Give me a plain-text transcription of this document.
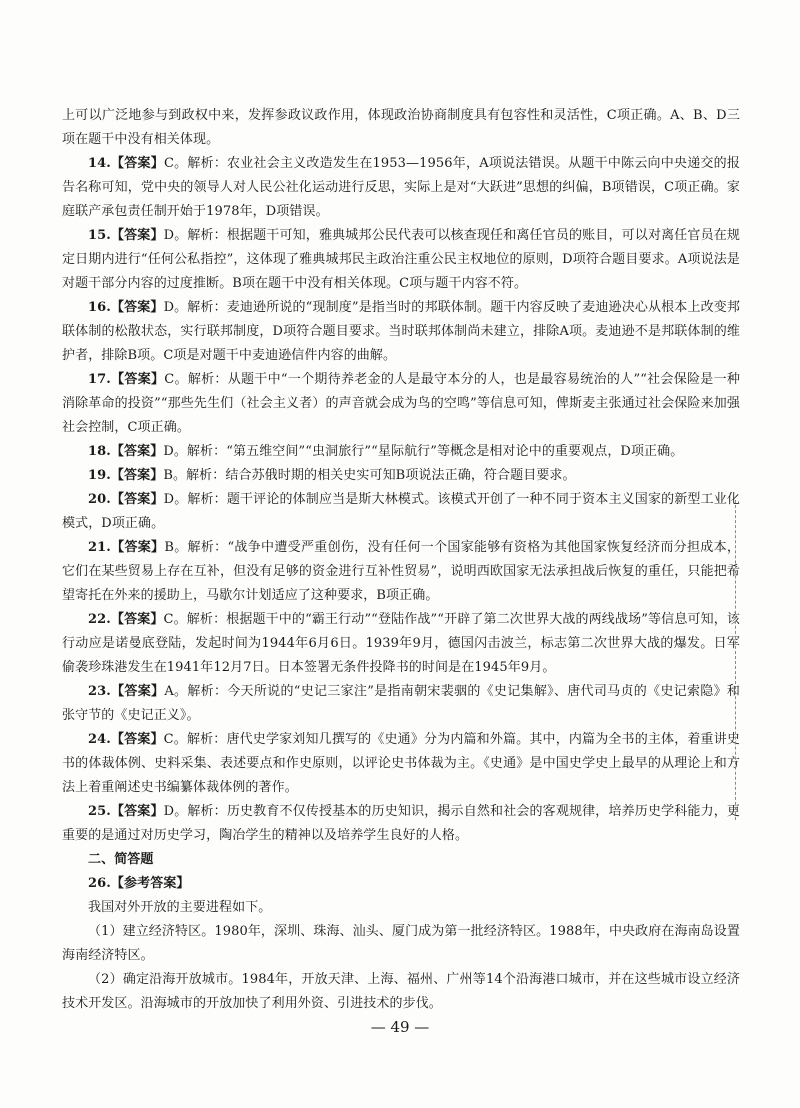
上可以广泛地参与到政权中来，发挥参政议政作用，体现政治协商制度具有包容性和灵活性，C项正确。A、B、D三项在题干中没有相关体现。

14.【答案】C。解析：农业社会主义改造发生在1953—1956年，A项说法错误。从题干中陈云向中央递交的报告名称可知，党中央的领导人对人民公社化运动进行反思，实际上是对“大跃进”思想的纠偏，B项错误，C项正确。家庭联产承包责任制开始于1978年，D项错误。

15.【答案】D。解析：根据题干可知，雅典城邦公民代表可以核查现任和离任官员的账目，可以对离任官员在规定日期内进行“任何公私指控”，这体现了雅典城邦民主政治注重公民主权地位的原则，D项符合题目要求。A项说法是对题干部分内容的过度推断。B项在题干中没有相关体现。C项与题干内容不符。

16.【答案】D。解析：麦迪逊所说的“现制度”是指当时的邦联体制。题干内容反映了麦迪逊决心从根本上改变邦联体制的松散状态，实行联邦制度，D项符合题目要求。当时联邦体制尚未建立，排除A项。麦迪逊不是邦联体制的维护者，排除B项。C项是对题干中麦迪逊信件内容的曲解。

17.【答案】C。解析：从题干中“一个期待养老金的人是最守本分的人，也是最容易统治的人”“社会保险是一种消除革命的投资”“那些先生们（社会主义者）的声音就会成为鸟的空鸣”等信息可知，俾斯麦主张通过社会保险来加强社会控制，C项正确。

18.【答案】D。解析：“第五维空间”“虫洞旅行”“星际航行”等概念是相对论中的重要观点，D项正确。

19.【答案】B。解析：结合苏俄时期的相关史实可知B项说法正确，符合题目要求。

20.【答案】D。解析：题干评论的体制应当是斯大林模式。该模式开创了一种不同于资本主义国家的新型工业化模式，D项正确。

21.【答案】B。解析：“战争中遭受严重创伤，没有任何一个国家能够有资格为其他国家恢复经济而分担成本，它们在某些贸易上存在互补，但没有足够的资金进行互补性贸易”，说明西欧国家无法承担战后恢复的重任，只能把希望寄托在外来的援助上，马歇尔计划适应了这种要求，B项正确。

22.【答案】C。解析：根据题干中的“霸王行动”“登陆作战”“开辟了第二次世界大战的两线战场”等信息可知，该行动应是诺曼底登陆，发起时间为1944年6月6日。1939年9月，德国闪击波兰，标志第二次世界大战的爆发。日军偷袭珍珠港发生在1941年12月7日。日本签署无条件投降书的时间是在1945年9月。

23.【答案】A。解析：今天所说的“史记三家注”是指南朝宋裴骃的《史记集解》、唐代司马贞的《史记索隐》和张守节的《史记正义》。

24.【答案】C。解析：唐代史学家刘知几撰写的《史通》分为内篇和外篇。其中，内篇为全书的主体，着重讲史书的体裁体例、史料采集、表述要点和作史原则，以评论史书体裁为主。《史通》是中国史学史上最早的从理论上和方法上着重阐述史书编纂体裁体例的著作。

25.【答案】D。解析：历史教育不仅传授基本的历史知识，揭示自然和社会的客观规律，培养历史学科能力，更重要的是通过对历史学习，陶冶学生的精神以及培养学生良好的人格。

二、简答题

26.【参考答案】

我国对外开放的主要进程如下。

（1）建立经济特区。1980年，深圳、珠海、汕头、厦门成为第一批经济特区。1988年，中央政府在海南岛设置海南经济特区。

（2）确定沿海开放城市。1984年，开放天津、上海、福州、广州等14个沿海港口城市，并在这些城市设立经济技术开发区。沿海城市的开放加快了利用外资、引进技术的步伐。

— 49 —
